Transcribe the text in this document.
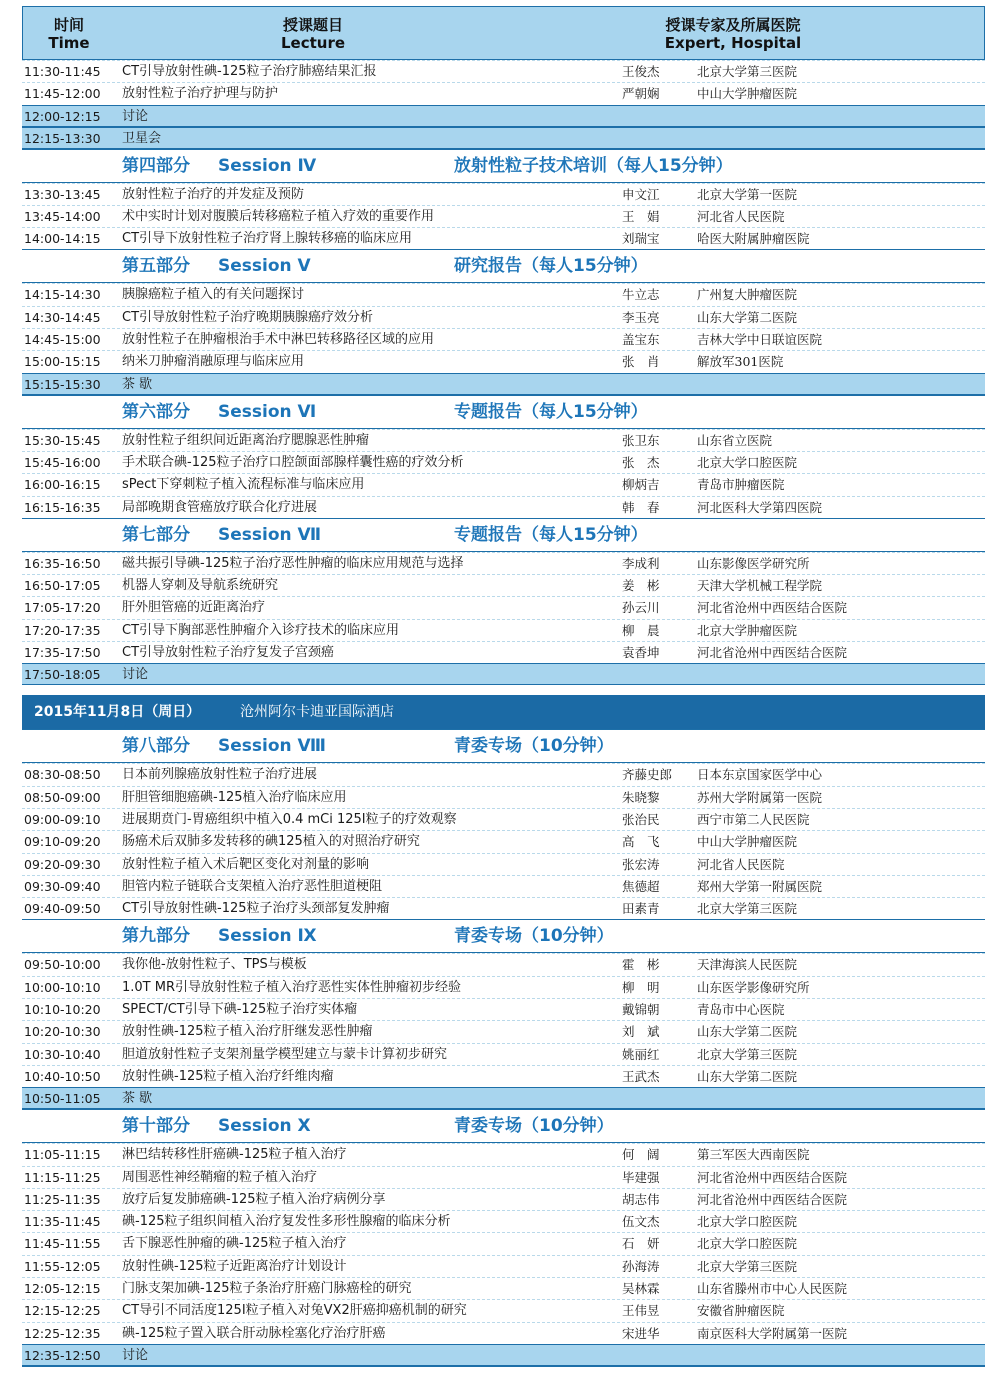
时间
Time
授课题目
Lecture
授课专家及所属医院
Expert, Hospital
11:30-11:45 CT引导放射性碘-125粒子治疗肺癌结果汇报	王俊杰	北京大学第三医院
11:45-12:00 放射性粒子治疗护理与防护	严朝娴	中山大学肿瘤医院
12:00-12:15 讨论
12:15-13:30 卫星会
第四部分 Session Ⅳ	放射性粒子技术培训（每人15分钟）
13:30-13:45 放射性粒子治疗的并发症及预防	申文江	北京大学第一医院
13:45-14:00 术中实时计划对腹膜后转移癌粒子植入疗效的重要作用	王　娟	河北省人民医院
14:00-14:15 CT引导下放射性粒子治疗肾上腺转移癌的临床应用	刘瑞宝	哈医大附属肿瘤医院
第五部分 Session Ⅴ	研究报告（每人15分钟）
14:15-14:30 胰腺癌粒子植入的有关问题探讨	牛立志	广州复大肿瘤医院
14:30-14:45 CT引导放射性粒子治疗晚期胰腺癌疗效分析	李玉亮	山东大学第二医院
14:45-15:00 放射性粒子在肿瘤根治手术中淋巴转移路径区域的应用	盖宝东	吉林大学中日联谊医院
15:00-15:15 纳米刀肿瘤消融原理与临床应用	张　肖	解放军301医院
15:15-15:30 茶 歇
第六部分 Session Ⅵ	专题报告（每人15分钟）
15:30-15:45 放射性粒子组织间近距离治疗腮腺恶性肿瘤	张卫东	山东省立医院
15:45-16:00 手术联合碘-125粒子治疗口腔颌面部腺样囊性癌的疗效分析	张　杰	北京大学口腔医院
16:00-16:15 sPect下穿刺粒子植入流程标准与临床应用	柳炳吉	青岛市肿瘤医院
16:15-16:35 局部晚期食管癌放疗联合化疗进展	韩　春	河北医科大学第四医院
第七部分 Session Ⅶ	专题报告（每人15分钟）
16:35-16:50 磁共振引导碘-125粒子治疗恶性肿瘤的临床应用规范与选择	李成利	山东影像医学研究所
16:50-17:05 机器人穿刺及导航系统研究	姜　彬	天津大学机械工程学院
17:05-17:20 肝外胆管癌的近距离治疗	孙云川	河北省沧州中西医结合医院
17:20-17:35 CT引导下胸部恶性肿瘤介入诊疗技术的临床应用	柳　晨	北京大学肿瘤医院
17:35-17:50 CT引导放射性粒子治疗复发子宫颈癌	袁香坤	河北省沧州中西医结合医院
17:50-18:05 讨论
2015年11月8日（周日）	沧州阿尔卡迪亚国际酒店
第八部分 Session Ⅷ	青委专场（10分钟）
08:30-08:50 日本前列腺癌放射性粒子治疗进展	齐藤史郎 日本东京国家医学中心
08:50-09:00 肝胆管细胞癌碘-125植入治疗临床应用	朱晓黎	苏州大学附属第一医院
09:00-09:10 进展期贲门-胃癌组织中植入0.4 mCi 125I粒子的疗效观察	张治民	西宁市第二人民医院
09:10-09:20 肠癌术后双肺多发转移的碘125植入的对照治疗研究	高　飞	中山大学肿瘤医院
09:20-09:30 放射性粒子植入术后靶区变化对剂量的影响	张宏涛	河北省人民医院
09:30-09:40 胆管内粒子链联合支架植入治疗恶性胆道梗阻	焦德超	郑州大学第一附属医院
09:40-09:50 CT引导放射性碘-125粒子治疗头颈部复发肿瘤	田素青	北京大学第三医院
第九部分 Session Ⅸ	青委专场（10分钟）
09:50-10:00 我你他-放射性粒子、TPS与模板	霍　彬	天津海滨人民医院
10:00-10:10 1.0T MR引导放射性粒子植入治疗恶性实体性肿瘤初步经验	柳　明	山东医学影像研究所
10:10-10:20 SPECT/CT引导下碘-125粒子治疗实体瘤	戴锦朝	青岛市中心医院
10:20-10:30 放射性碘-125粒子植入治疗肝继发恶性肿瘤	刘　斌	山东大学第二医院
10:30-10:40 胆道放射性粒子支架剂量学模型建立与蒙卡计算初步研究	姚丽红	北京大学第三医院
10:40-10:50 放射性碘-125粒子植入治疗纤维肉瘤	王武杰	山东大学第二医院
10:50-11:05 茶 歇
第十部分 Session Ⅹ	青委专场（10分钟）
11:05-11:15 淋巴结转移性肝癌碘-125粒子植入治疗	何　阔	第三军医大西南医院
11:15-11:25 周围恶性神经鞘瘤的粒子植入治疗	毕建强	河北省沧州中西医结合医院
11:25-11:35 放疗后复发肺癌碘-125粒子植入治疗病例分享	胡志伟	河北省沧州中西医结合医院
11:35-11:45 碘-125粒子组织间植入治疗复发性多形性腺瘤的临床分析	伍文杰	北京大学口腔医院
11:45-11:55 舌下腺恶性肿瘤的碘-125粒子植入治疗	石　妍	北京大学口腔医院
11:55-12:05 放射性碘-125粒子近距离治疗计划设计	孙海涛	北京大学第三医院
12:05-12:15 门脉支架加碘-125粒子条治疗肝癌门脉癌栓的研究	吴林霖	山东省滕州市中心人民医院
12:15-12:25 CT导引不同活度125I粒子植入对兔VX2肝癌抑癌机制的研究	王伟昱	安徽省肿瘤医院
12:25-12:35 碘-125粒子置入联合肝动脉栓塞化疗治疗肝癌	宋进华	南京医科大学附属第一医院
12:35-12:50 讨论
